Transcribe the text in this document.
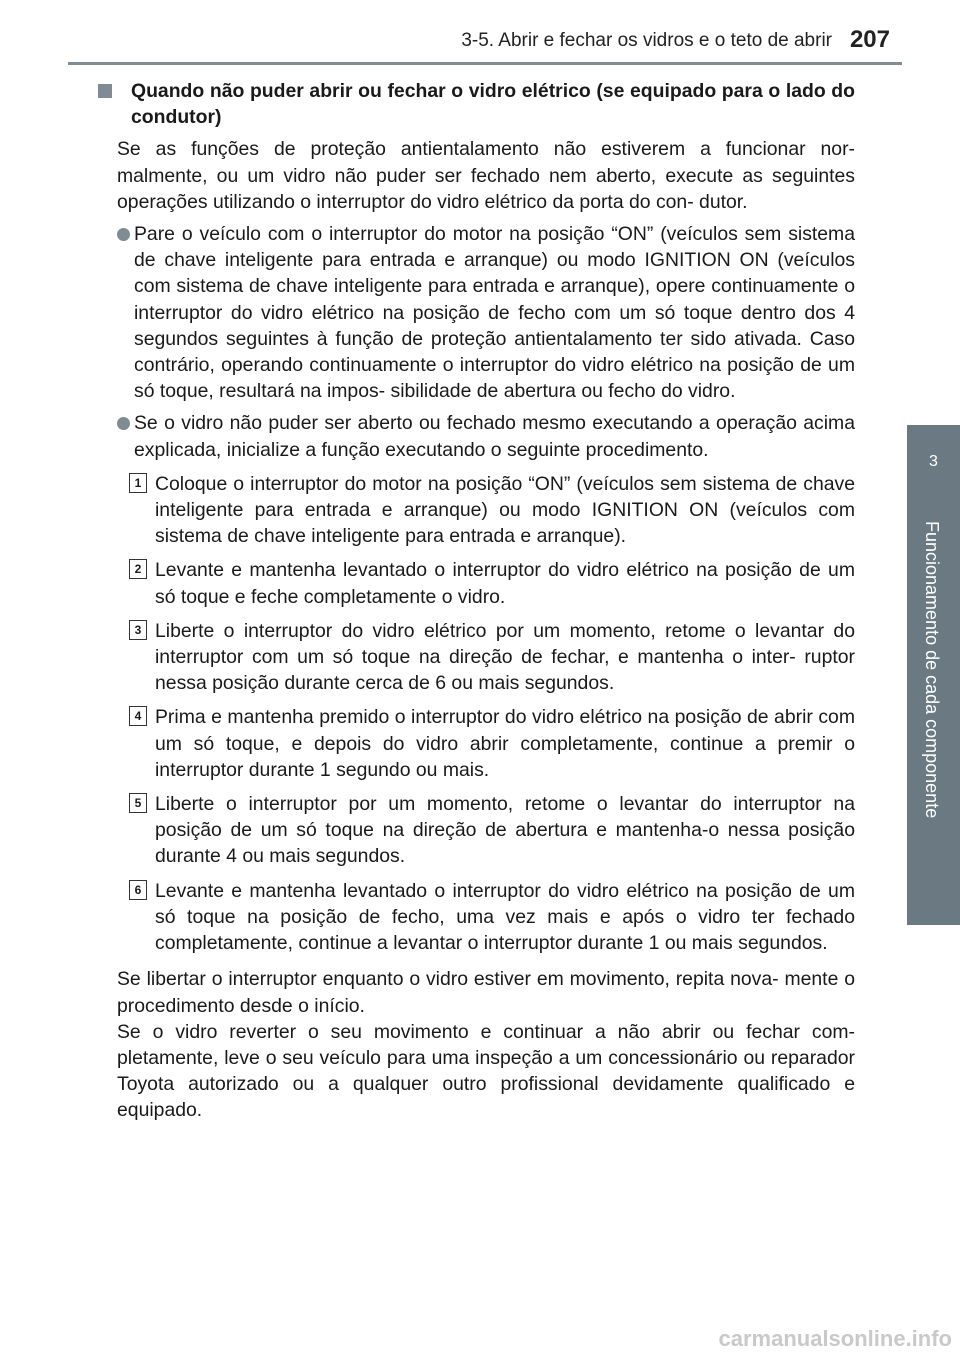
3-5. Abrir e fechar os vidros e o teto de abrir 207
3
Funcionamento de cada componente
Quando não puder abrir ou fechar o vidro elétrico (se equipado para o lado do condutor)
Se as funções de proteção antientalamento não estiverem a funcionar nor- malmente, ou um vidro não puder ser fechado nem aberto, execute as seguintes operações utilizando o interruptor do vidro elétrico da porta do con- dutor.
Pare o veículo com o interruptor do motor na posição “ON” (veículos sem sistema de chave inteligente para entrada e arranque) ou modo IGNITION ON (veículos com sistema de chave inteligente para entrada e arranque), opere continuamente o interruptor do vidro elétrico na posição de fecho com um só toque dentro dos 4 segundos seguintes à função de proteção antientalamento ter sido ativada. Caso contrário, operando continuamente o interruptor do vidro elétrico na posição de um só toque, resultará na impos- sibilidade de abertura ou fecho do vidro.
Se o vidro não puder ser aberto ou fechado mesmo executando a operação acima explicada, inicialize a função executando o seguinte procedimento.
1 Coloque o interruptor do motor na posição “ON” (veículos sem sistema de chave inteligente para entrada e arranque) ou modo IGNITION ON (veículos com sistema de chave inteligente para entrada e arranque).
2 Levante e mantenha levantado o interruptor do vidro elétrico na posição de um só toque e feche completamente o vidro.
3 Liberte o interruptor do vidro elétrico por um momento, retome o levantar do interruptor com um só toque na direção de fechar, e mantenha o inter- ruptor nessa posição durante cerca de 6 ou mais segundos.
4 Prima e mantenha premido o interruptor do vidro elétrico na posição de abrir com um só toque, e depois do vidro abrir completamente, continue a premir o interruptor durante 1 segundo ou mais.
5 Liberte o interruptor por um momento, retome o levantar do interruptor na posição de um só toque na direção de abertura e mantenha-o nessa posição durante 4 ou mais segundos.
6 Levante e mantenha levantado o interruptor do vidro elétrico na posição de um só toque na posição de fecho, uma vez mais e após o vidro ter fechado completamente, continue a levantar o interruptor durante 1 ou mais segundos.
Se libertar o interruptor enquanto o vidro estiver em movimento, repita nova- mente o procedimento desde o início.
Se o vidro reverter o seu movimento e continuar a não abrir ou fechar com- pletamente, leve o seu veículo para uma inspeção a um concessionário ou reparador Toyota autorizado ou a qualquer outro profissional devidamente qualificado e equipado.
carmanualsonline.info
